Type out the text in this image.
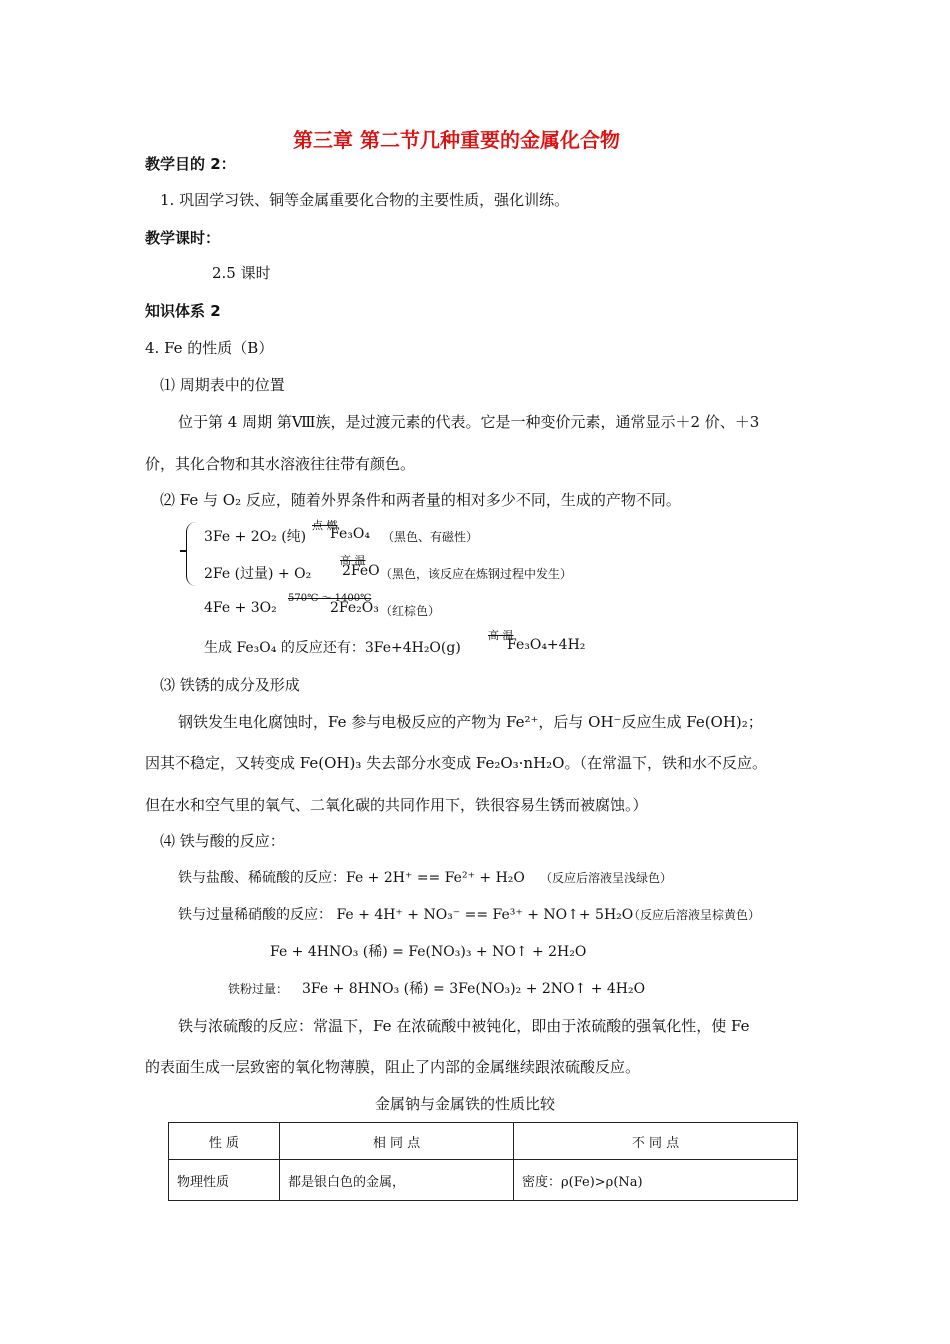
第三章 第二节几种重要的金属化合物
教学目的 2：
1. 巩固学习铁、铜等金属重要化合物的主要性质，强化训练。
教学课时：
2.5 课时
知识体系 2
4. Fe 的性质（B）
⑴ 周期表中的位置
位于第 4 周期 第Ⅷ族，是过渡元素的代表。它是一种变价元素，通常显示＋2 价、＋3
价，其化合物和其水溶液往往带有颜色。
⑵ Fe 与 O₂ 反应，随着外界条件和两者量的相对多少不同，生成的产物不同。
3Fe + 2O₂ (纯)
点 燃
Fe₃O₄ （黑色、有磁性）
2Fe (过量) + O₂
高 温
2FeO （黑色，该反应在炼钢过程中发生）
570℃ ～ 1400℃
4Fe + 3O₂	2Fe₂O₃ （红棕色）
生成 Fe₃O₄ 的反应还有：3Fe+4H₂O(g)
高 温
Fe₃O₄+4H₂
⑶ 铁锈的成分及形成
钢铁发生电化腐蚀时，Fe 参与电极反应的产物为 Fe²⁺，后与 OH⁻反应生成 Fe(OH)₂；
因其不稳定，又转变成 Fe(OH)₃ 失去部分水变成 Fe₂O₃·nH₂O。（在常温下，铁和水不反应。
但在水和空气里的氧气、二氧化碳的共同作用下，铁很容易生锈而被腐蚀。）
⑷ 铁与酸的反应：
铁与盐酸、稀硫酸的反应：Fe + 2H⁺ == Fe²⁺ + H₂O （反应后溶液呈浅绿色）
铁与过量稀硝酸的反应： Fe + 4H⁺ + NO₃⁻ == Fe³⁺ + NO↑+ 5H₂O
（反应后溶液呈棕黄色）
Fe + 4HNO₃ (稀) = Fe(NO₃)₃ + NO↑ + 2H₂O
铁粉过量： 3Fe + 8HNO₃ (稀) = 3Fe(NO₃)₂ + 2NO↑ + 4H₂O
铁与浓硫酸的反应：常温下，Fe 在浓硫酸中被钝化，即由于浓硫酸的强氧化性，使 Fe
的表面生成一层致密的氧化物薄膜，阻止了内部的金属继续跟浓硫酸反应。
金属钠与金属铁的性质比较
性 质	相 同 点	不 同 点
物理性质	都是银白色的金属，	密度：ρ(Fe)>ρ(Na)
